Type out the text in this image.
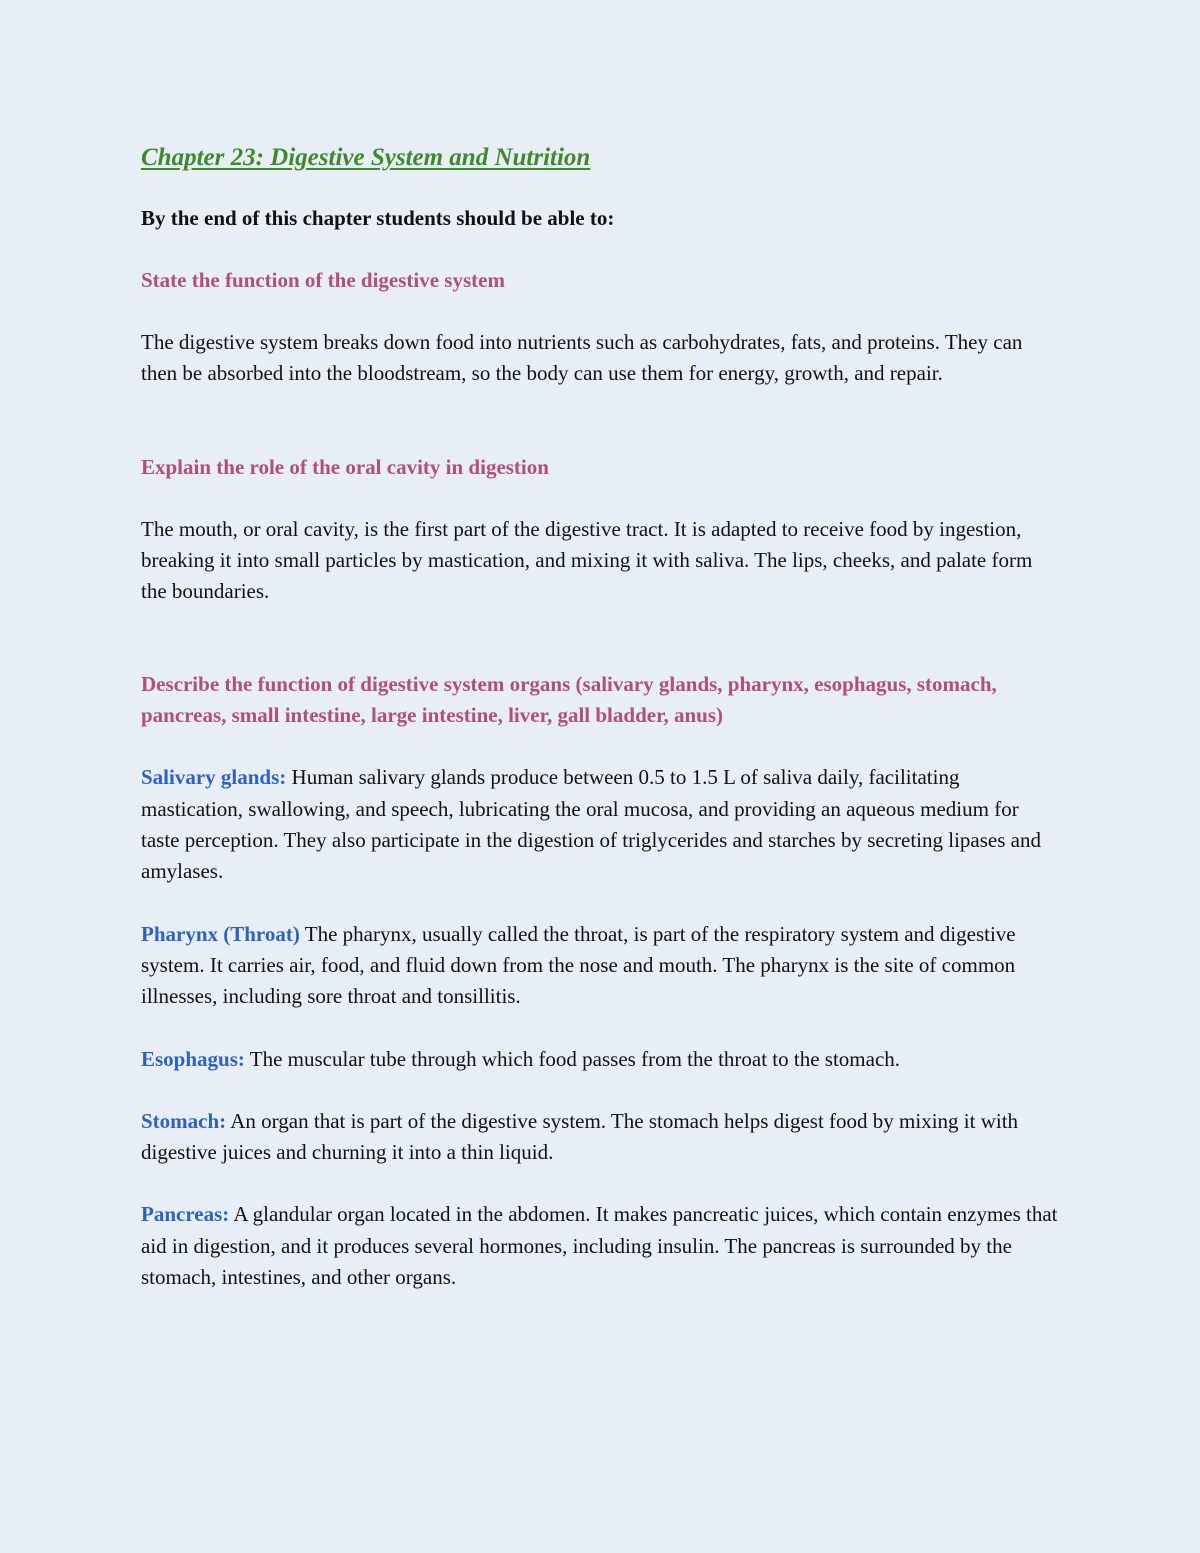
Chapter 23: Digestive System and Nutrition

By the end of this chapter students should be able to:

State the function of the digestive system

The digestive system breaks down food into nutrients such as carbohydrates, fats, and proteins. They can then be absorbed into the bloodstream, so the body can use them for energy, growth, and repair.

Explain the role of the oral cavity in digestion

The mouth, or oral cavity, is the first part of the digestive tract. It is adapted to receive food by ingestion, breaking it into small particles by mastication, and mixing it with saliva. The lips, cheeks, and palate form the boundaries.

Describe the function of digestive system organs (salivary glands, pharynx, esophagus, stomach, pancreas, small intestine, large intestine, liver, gall bladder, anus)

Salivary glands: Human salivary glands produce between 0.5 to 1.5 L of saliva daily, facilitating mastication, swallowing, and speech, lubricating the oral mucosa, and providing an aqueous medium for taste perception. They also participate in the digestion of triglycerides and starches by secreting lipases and amylases.

Pharynx (Throat) The pharynx, usually called the throat, is part of the respiratory system and digestive system. It carries air, food, and fluid down from the nose and mouth. The pharynx is the site of common illnesses, including sore throat and tonsillitis.

Esophagus: The muscular tube through which food passes from the throat to the stomach.

Stomach: An organ that is part of the digestive system. The stomach helps digest food by mixing it with digestive juices and churning it into a thin liquid.

Pancreas: A glandular organ located in the abdomen. It makes pancreatic juices, which contain enzymes that aid in digestion, and it produces several hormones, including insulin. The pancreas is surrounded by the stomach, intestines, and other organs.
